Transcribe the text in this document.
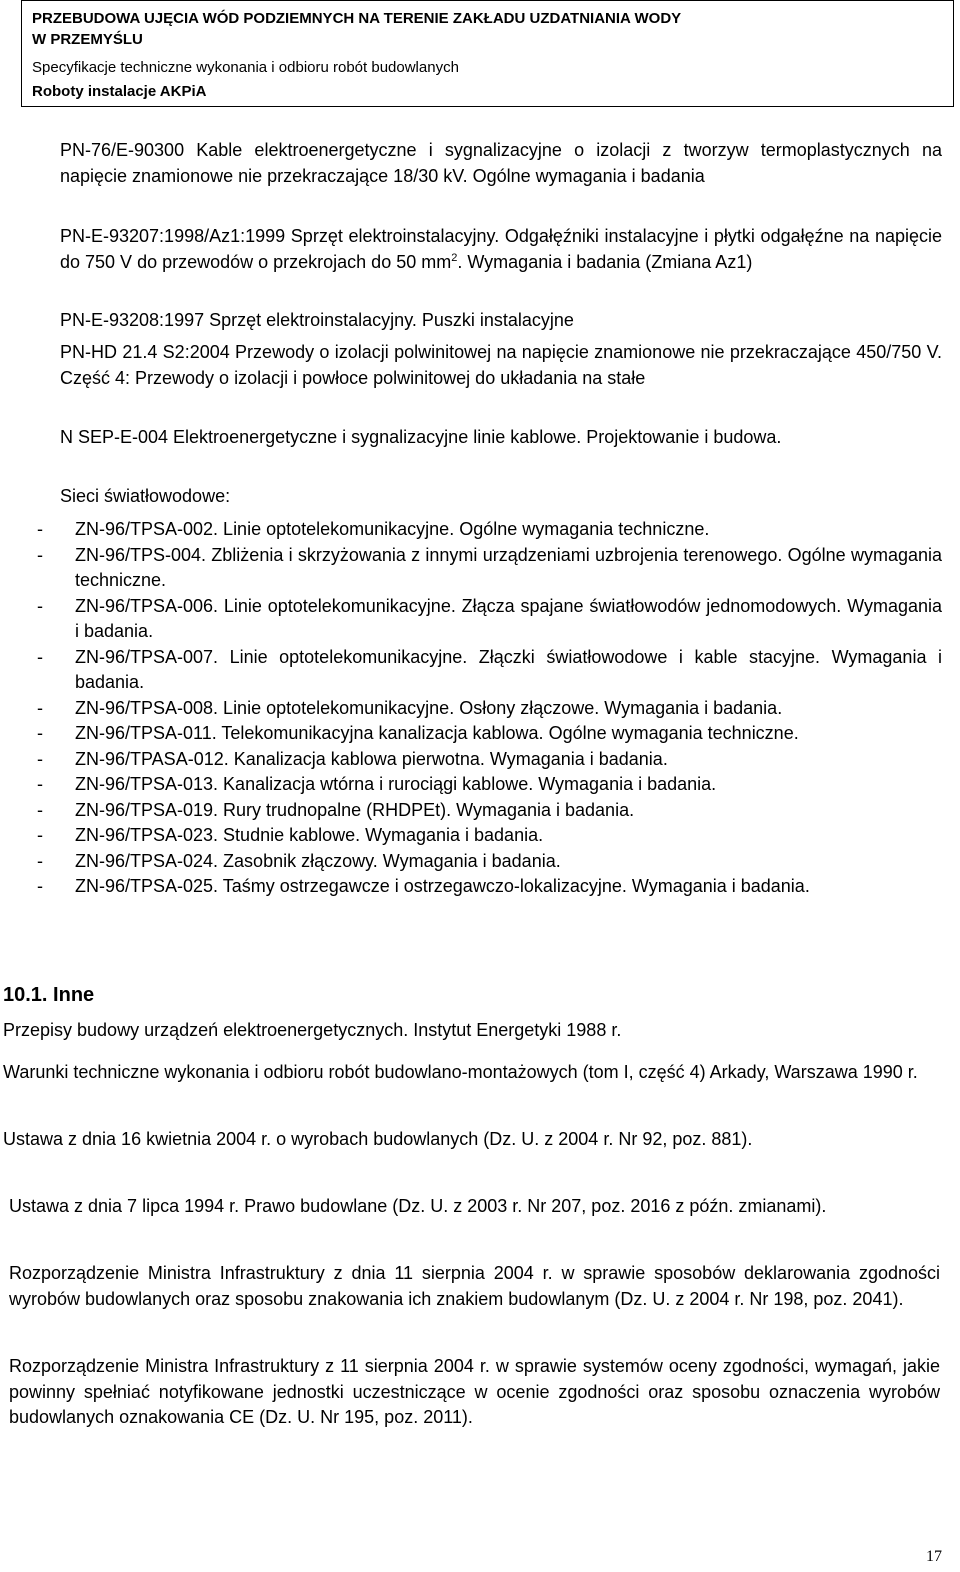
PRZEBUDOWA UJĘCIA WÓD PODZIEMNYCH NA TERENIE ZAKŁADU UZDATNIANIA WODY
W PRZEMYŚLU
Specyfikacje techniczne wykonania i odbioru robót budowlanych
Roboty instalacje AKPiA
PN-76/E-90300 Kable elektroenergetyczne i sygnalizacyjne o izolacji z tworzyw termoplastycznych na napięcie znamionowe nie przekraczające 18/30 kV. Ogólne wymagania i badania
PN-E-93207:1998/Az1:1999 Sprzęt elektroinstalacyjny. Odgałęźniki instalacyjne i płytki odgałęźne na napięcie do 750 V do przewodów o przekrojach do 50 $mm^2$. Wymagania i badania (Zmiana Az1)
PN-E-93208:1997 Sprzęt elektroinstalacyjny. Puszki instalacyjne
PN-HD 21.4 S2:2004 Przewody o izolacji polwinitowej na napięcie znamionowe nie przekraczające 450/750 V. Część 4: Przewody o izolacji i powłoce polwinitowej do układania na stałe
N SEP-E-004 Elektroenergetyczne i sygnalizacyjne linie kablowe. Projektowanie i budowa.
Sieci światłowodowe:
- ZN-96/TPSA-002. Linie optotelekomunikacyjne. Ogólne wymagania techniczne.
- ZN-96/TPS-004. Zbliżenia i skrzyżowania z innymi urządzeniami uzbrojenia terenowego. Ogólne wymagania techniczne.
- ZN-96/TPSA-006. Linie optotelekomunikacyjne. Złącza spajane światłowodów jednomodowych. Wymagania i badania.
- ZN-96/TPSA-007. Linie optotelekomunikacyjne. Złączki światłowodowe i kable stacyjne. Wymagania i badania.
- ZN-96/TPSA-008. Linie optotelekomunikacyjne. Osłony złączowe. Wymagania i badania.
- ZN-96/TPSA-011. Telekomunikacyjna kanalizacja kablowa. Ogólne wymagania techniczne.
- ZN-96/TPASA-012. Kanalizacja kablowa pierwotna. Wymagania i badania.
- ZN-96/TPSA-013. Kanalizacja wtórna i rurociągi kablowe. Wymagania i badania.
- ZN-96/TPSA-019. Rury trudnopalne (RHDPEt). Wymagania i badania.
- ZN-96/TPSA-023. Studnie kablowe. Wymagania i badania.
- ZN-96/TPSA-024. Zasobnik złączowy. Wymagania i badania.
- ZN-96/TPSA-025. Taśmy ostrzegawcze i ostrzegawczo-lokalizacyjne. Wymagania i badania.
10.1. Inne
Przepisy budowy urządzeń elektroenergetycznych. Instytut Energetyki 1988 r.
Warunki techniczne wykonania i odbioru robót budowlano-montażowych (tom I, część 4) Arkady, Warszawa 1990 r.
Ustawa z dnia 16 kwietnia 2004 r. o wyrobach budowlanych (Dz. U. z 2004 r. Nr 92, poz. 881).
Ustawa z dnia 7 lipca 1994 r. Prawo budowlane (Dz. U. z 2003 r. Nr 207, poz. 2016 z późn. zmianami).
Rozporządzenie Ministra Infrastruktury z dnia 11 sierpnia 2004 r. w sprawie sposobów deklarowania zgodności wyrobów budowlanych oraz sposobu znakowania ich znakiem budowlanym (Dz. U. z 2004 r. Nr 198, poz. 2041).
Rozporządzenie Ministra Infrastruktury z 11 sierpnia 2004 r. w sprawie systemów oceny zgodności, wymagań, jakie powinny spełniać notyfikowane jednostki uczestniczące w ocenie zgodności oraz sposobu oznaczenia wyrobów budowlanych oznakowania CE (Dz. U. Nr 195, poz. 2011).
17
